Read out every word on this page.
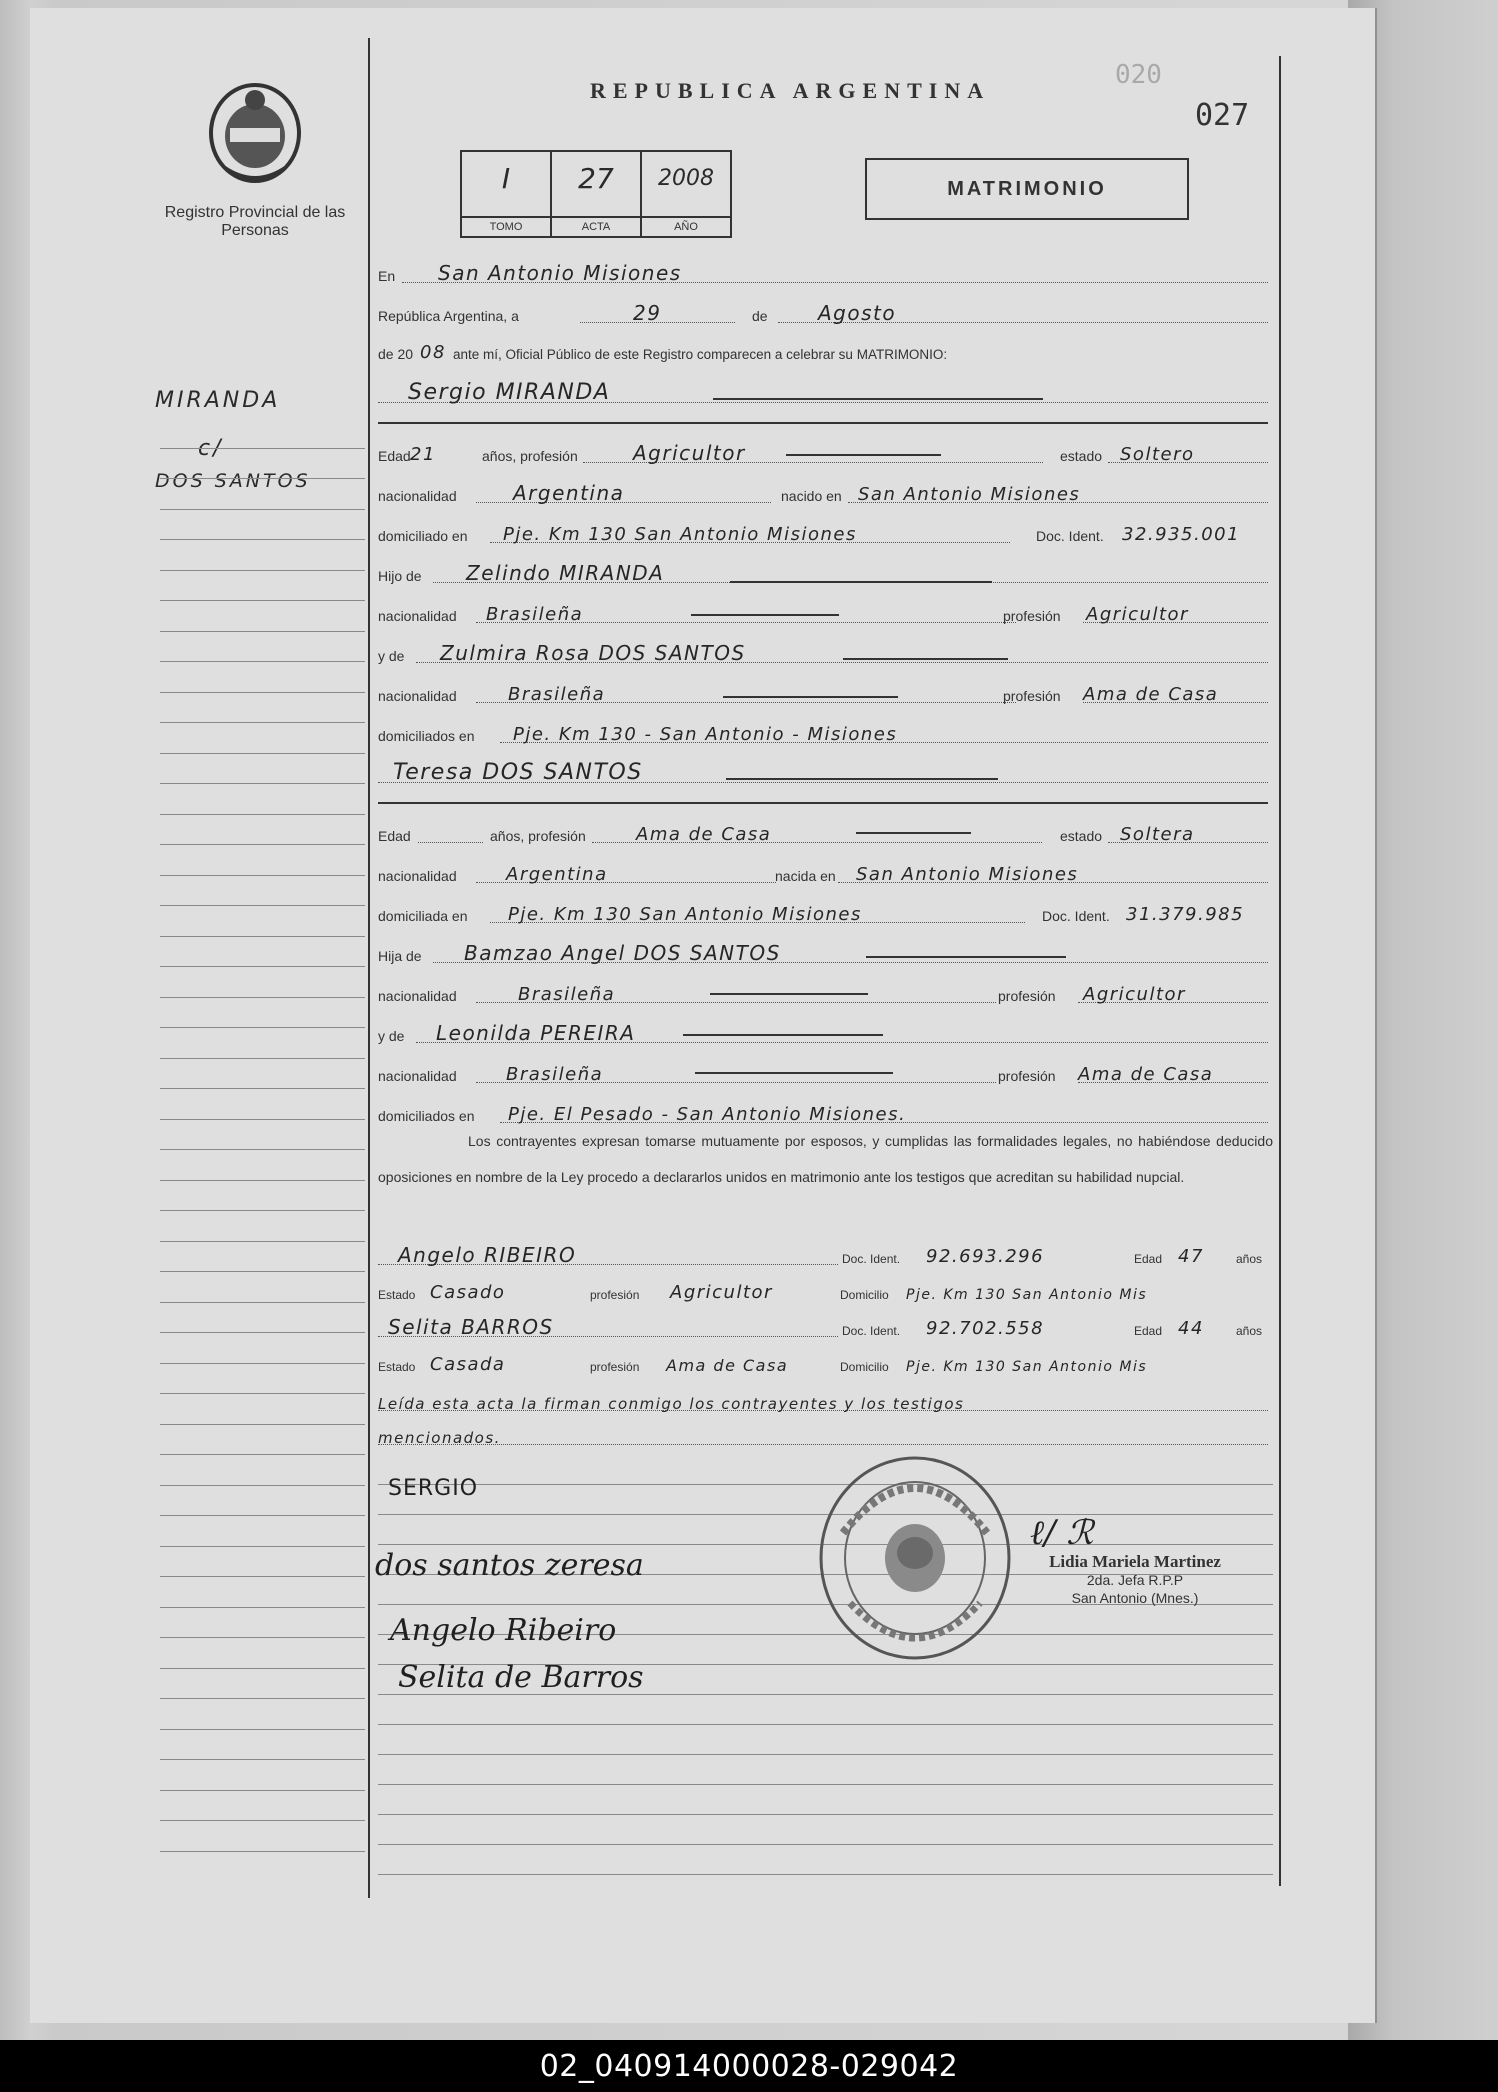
Registro Provincial de las Personas
MIRANDA
c/
DOS SANTOS
REPUBLICA ARGENTINA
020
027
I
TOMO
27
ACTA
2008
AÑO
MATRIMONIO
En San Antonio Misiones
República Argentina, a	29	de	Agosto
de 20 08 ante mí, Oficial Público de este Registro comparecen a celebrar su MATRIMONIO:
Sergio MIRANDA
Edad 21	años, profesión	Agricultor	estado Soltero
nacionalidad	Argentina	nacido en San Antonio Misiones
domiciliado en Pje. Km 130 San Antonio Misiones	Doc. Ident. 32.935.001
Hijo de Zelindo MIRANDA
nacionalidad Brasileña	profesión Agricultor
y de Zulmira Rosa DOS SANTOS
nacionalidad	Brasileña	profesión Ama de Casa
domiciliados en Pje. Km 130 - San Antonio - Misiones
Teresa DOS SANTOS
Edad	años, profesión	Ama de Casa	estado Soltera
nacionalidad	Argentina	nacida en San Antonio Misiones
domiciliada en Pje. Km 130 San Antonio Misiones	Doc. Ident. 31.379.985
Hija de Bamzao Angel DOS SANTOS
nacionalidad	Brasileña	profesión Agricultor
y de Leonilda PEREIRA
nacionalidad	Brasileña	profesión Ama de Casa
domiciliados en Pje. El Pesado - San Antonio Misiones.
Los contrayentes expresan tomarse mutuamente por esposos, y cumplidas las formalidades legales, no habiéndose deducido oposiciones en nombre de la Ley procedo a declararlos unidos en matrimonio ante los testigos que acreditan su habilidad nupcial.
Angelo RIBEIRO	Doc. Ident. 92.693.296	Edad 47	años
Estado Casado	profesión Agricultor	Domicilio Pje. Km 130 San Antonio Mis
Selita BARROS	Doc. Ident. 92.702.558	Edad 44	años
Estado Casada	profesión Ama de Casa	Domicilio Pje. Km 130 San Antonio Mis
Leída esta acta la firman conmigo los contrayentes y los testigos
mencionados.
SERGIO
dos santos zeresa
Angelo Ribeiro
Selita de Barros
ℓ/ ℛ
Lidia Mariela Martinez
2da. Jefa R.P.P
San Antonio (Mnes.)
02_040914000028-029042
